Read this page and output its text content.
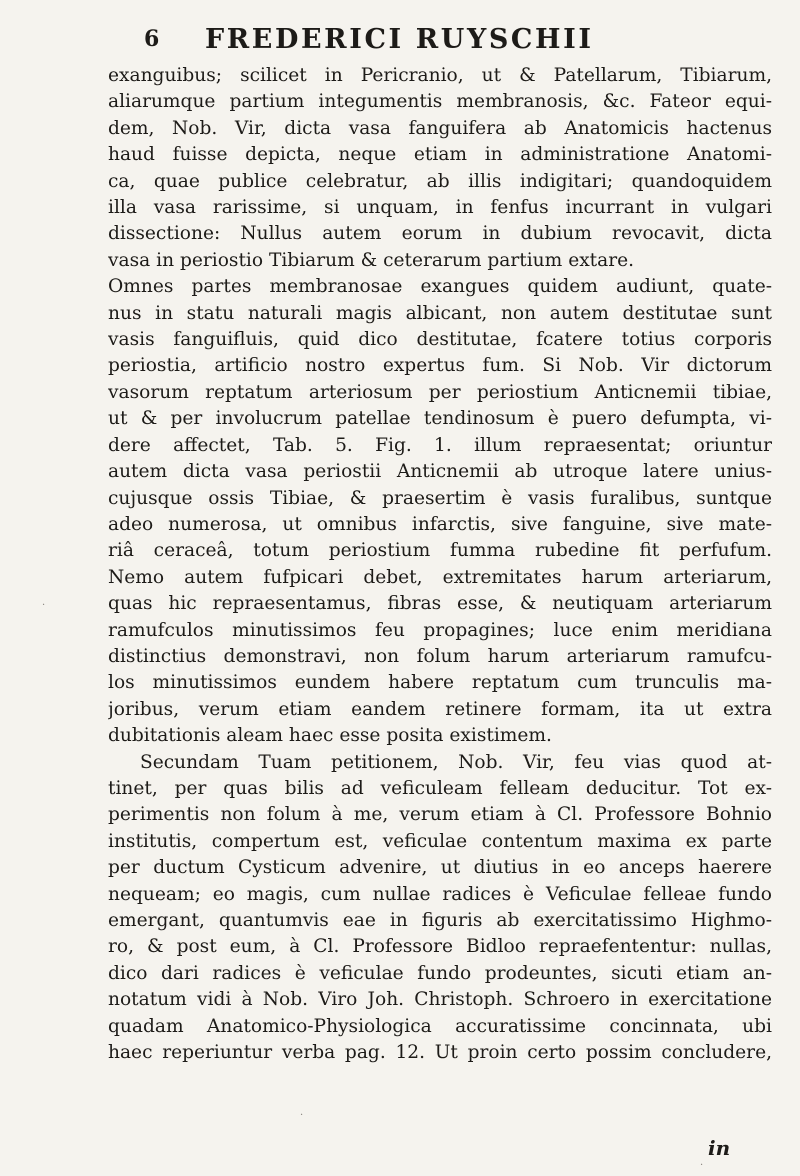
6 FREDERICI RUYSCHII
exanguibus; scilicet in Pericranio, ut & Patellarum, Tibiarum,
aliarumque partium integumentis membranosis, &c. Fateor equi-
dem, Nob. Vir, dicta vasa fanguifera ab Anatomicis hactenus
haud fuisse depicta, neque etiam in administratione Anatomi-
ca, quae publice celebratur, ab illis indigitari; quandoquidem
illa vasa rarissime, si unquam, in fenfus incurrant in vulgari
dissectione: Nullus autem eorum in dubium revocavit, dicta
vasa in periostio Tibiarum & ceterarum partium extare.
Omnes partes membranosae exangues quidem audiunt, quate-
nus in statu naturali magis albicant, non autem destitutae sunt
vasis fanguifluis, quid dico destitutae, fcatere totius corporis
periostia, artificio nostro expertus fum. Si Nob. Vir dictorum
vasorum reptatum arteriosum per periostium Anticnemii tibiae,
ut & per involucrum patellae tendinosum è puero defumpta, vi-
dere affectet, Tab. 5. Fig. 1. illum repraesentat; oriuntur
autem dicta vasa periostii Anticnemii ab utroque latere unius-
cujusque ossis Tibiae, & praesertim è vasis furalibus, suntque
adeo numerosa, ut omnibus infarctis, sive fanguine, sive mate-
riâ ceraceâ, totum periostium fumma rubedine fit perfufum.
Nemo autem fufpicari debet, extremitates harum arteriarum,
quas hic repraesentamus, fibras esse, & neutiquam arteriarum
ramufculos minutissimos feu propagines; luce enim meridiana
distinctius demonstravi, non folum harum arteriarum ramufcu-
los minutissimos eundem habere reptatum cum trunculis ma-
joribus, verum etiam eandem retinere formam, ita ut extra
dubitationis aleam haec esse posita existimem.
Secundam Tuam petitionem, Nob. Vir, feu vias quod at-
tinet, per quas bilis ad veficuleam felleam deducitur. Tot ex-
perimentis non folum à me, verum etiam à Cl. Professore Bohnio
institutis, compertum est, veficulae contentum maxima ex parte
per ductum Cysticum advenire, ut diutius in eo anceps haerere
nequeam; eo magis, cum nullae radices è Veficulae felleae fundo
emergant, quantumvis eae in figuris ab exercitatissimo Highmo-
ro, & post eum, à Cl. Professore Bidloo repraefententur: nullas,
dico dari radices è veficulae fundo prodeuntes, sicuti etiam an-
notatum vidi à Nob. Viro Joh. Christoph. Schroero in exercitatione
quadam Anatomico-Physiologica accuratissime concinnata, ubi
haec reperiuntur verba pag. 12. Ut proin certo possim concludere,
in
·
·
·
